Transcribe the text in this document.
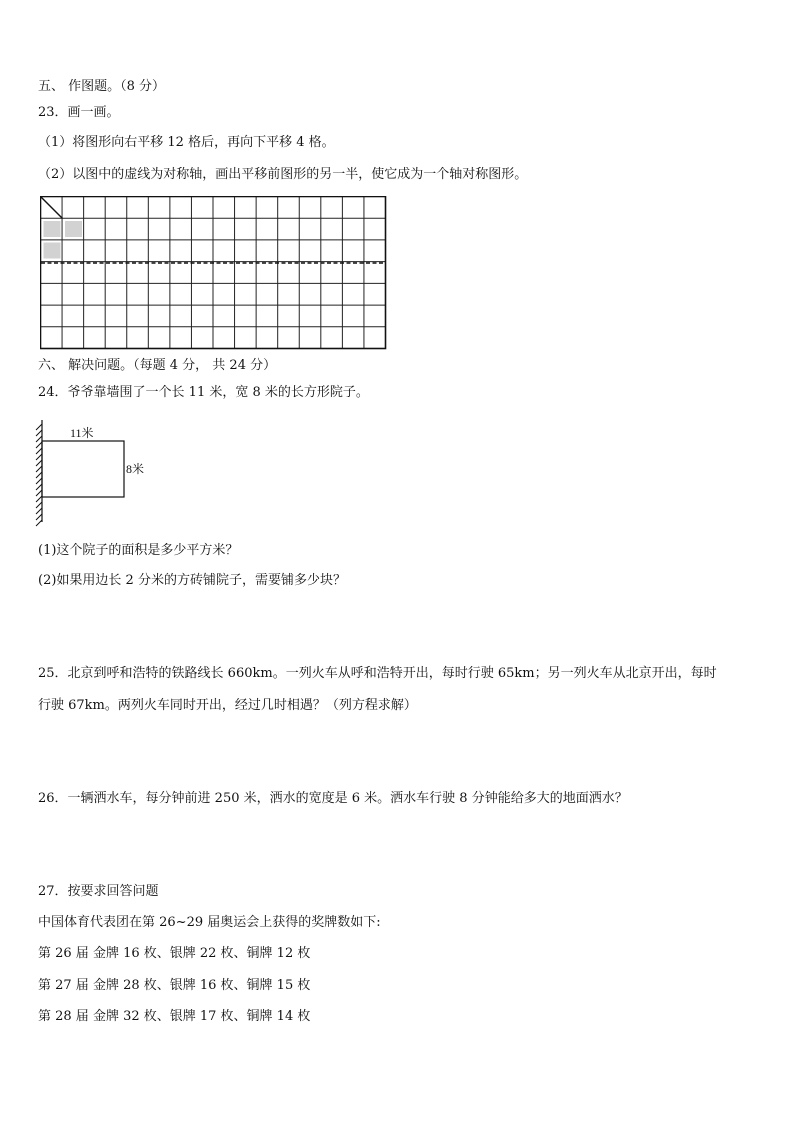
五、 作图题。（8 分）
23．画一画。
（1）将图形向右平移 12 格后，再向下平移 4 格。
（2）以图中的虚线为对称轴，画出平移前图形的另一半，使它成为一个轴对称图形。
六、 解决问题。（每题 4 分， 共 24 分）
24．爷爷靠墙围了一个长 11 米，宽 8 米的长方形院子。
11米
8米
(1)这个院子的面积是多少平方米？
(2)如果用边长 2 分米的方砖铺院子，需要铺多少块？
25．北京到呼和浩特的铁路线长 660km。一列火车从呼和浩特开出，每时行驶 65km；另一列火车从北京开出，每时
行驶 67km。两列火车同时开出，经过几时相遇？（列方程求解）
26．一辆洒水车，每分钟前进 250 米，洒水的宽度是 6 米。洒水车行驶 8 分钟能给多大的地面洒水？
27．按要求回答问题
中国体育代表团在第 26~29 届奥运会上获得的奖牌数如下:
第 26 届 金牌 16 枚、银牌 22 枚、铜牌 12 枚
第 27 届 金牌 28 枚、银牌 16 枚、铜牌 15 枚
第 28 届 金牌 32 枚、银牌 17 枚、铜牌 14 枚
